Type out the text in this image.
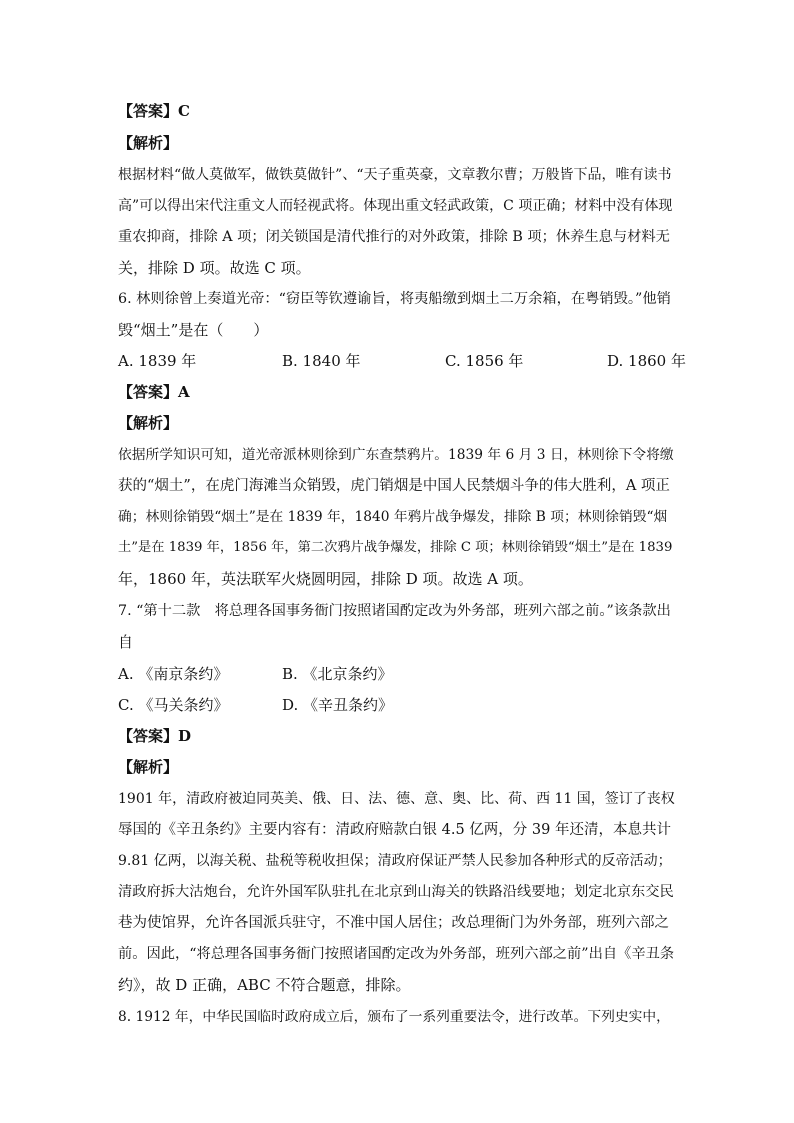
【答案】C
【解析】
根据材料“做人莫做军，做铁莫做针”、“天子重英豪，文章教尔曹；万般皆下品，唯有读书
高”可以得出宋代注重文人而轻视武将。体现出重文轻武政策，C 项正确；材料中没有体现
重农抑商，排除 A 项；闭关锁国是清代推行的对外政策，排除 B 项；休养生息与材料无
关，排除 D 项。故选 C 项。
6. 林则徐曾上奏道光帝：“窃臣等钦遵谕旨，将夷船缴到烟土二万余箱，在粤销毁。”他销
毁“烟土”是在（　　）
A. 1839 年	B. 1840 年	C. 1856 年	D. 1860 年
【答案】A
【解析】
依据所学知识可知，道光帝派林则徐到广东查禁鸦片。1839 年 6 月 3 日，林则徐下令将缴
获的“烟土”，在虎门海滩当众销毁，虎门销烟是中国人民禁烟斗争的伟大胜利，A 项正
确；林则徐销毁“烟土”是在 1839 年，1840 年鸦片战争爆发，排除 B 项；林则徐销毁“烟
土”是在 1839 年，1856 年，第二次鸦片战争爆发，排除 C 项；林则徐销毁“烟土”是在 1839
年，1860 年，英法联军火烧圆明园，排除 D 项。故选 A 项。
7. “第十二款　将总理各国事务衙门按照诸国酌定改为外务部，班列六部之前。”该条款出
自
A. 《南京条约》	B. 《北京条约》
C. 《马关条约》	D. 《辛丑条约》
【答案】D
【解析】
1901 年，清政府被迫同英美、俄、日、法、德、意、奥、比、荷、西 11 国，签订了丧权
辱国的《辛丑条约》主要内容有：清政府赔款白银 4.5 亿两，分 39 年还清，本息共计
9.81 亿两，以海关税、盐税等税收担保；清政府保证严禁人民参加各种形式的反帝活动；
清政府拆大沽炮台，允许外国军队驻扎在北京到山海关的铁路沿线要地；划定北京东交民
巷为使馆界，允许各国派兵驻守，不准中国人居住；改总理衙门为外务部，班列六部之
前。因此，“将总理各国事务衙门按照诸国酌定改为外务部，班列六部之前”出自《辛丑条
约》，故 D 正确，ABC 不符合题意，排除。
8. 1912 年，中华民国临时政府成立后，颁布了一系列重要法令，进行改革。下列史实中，
